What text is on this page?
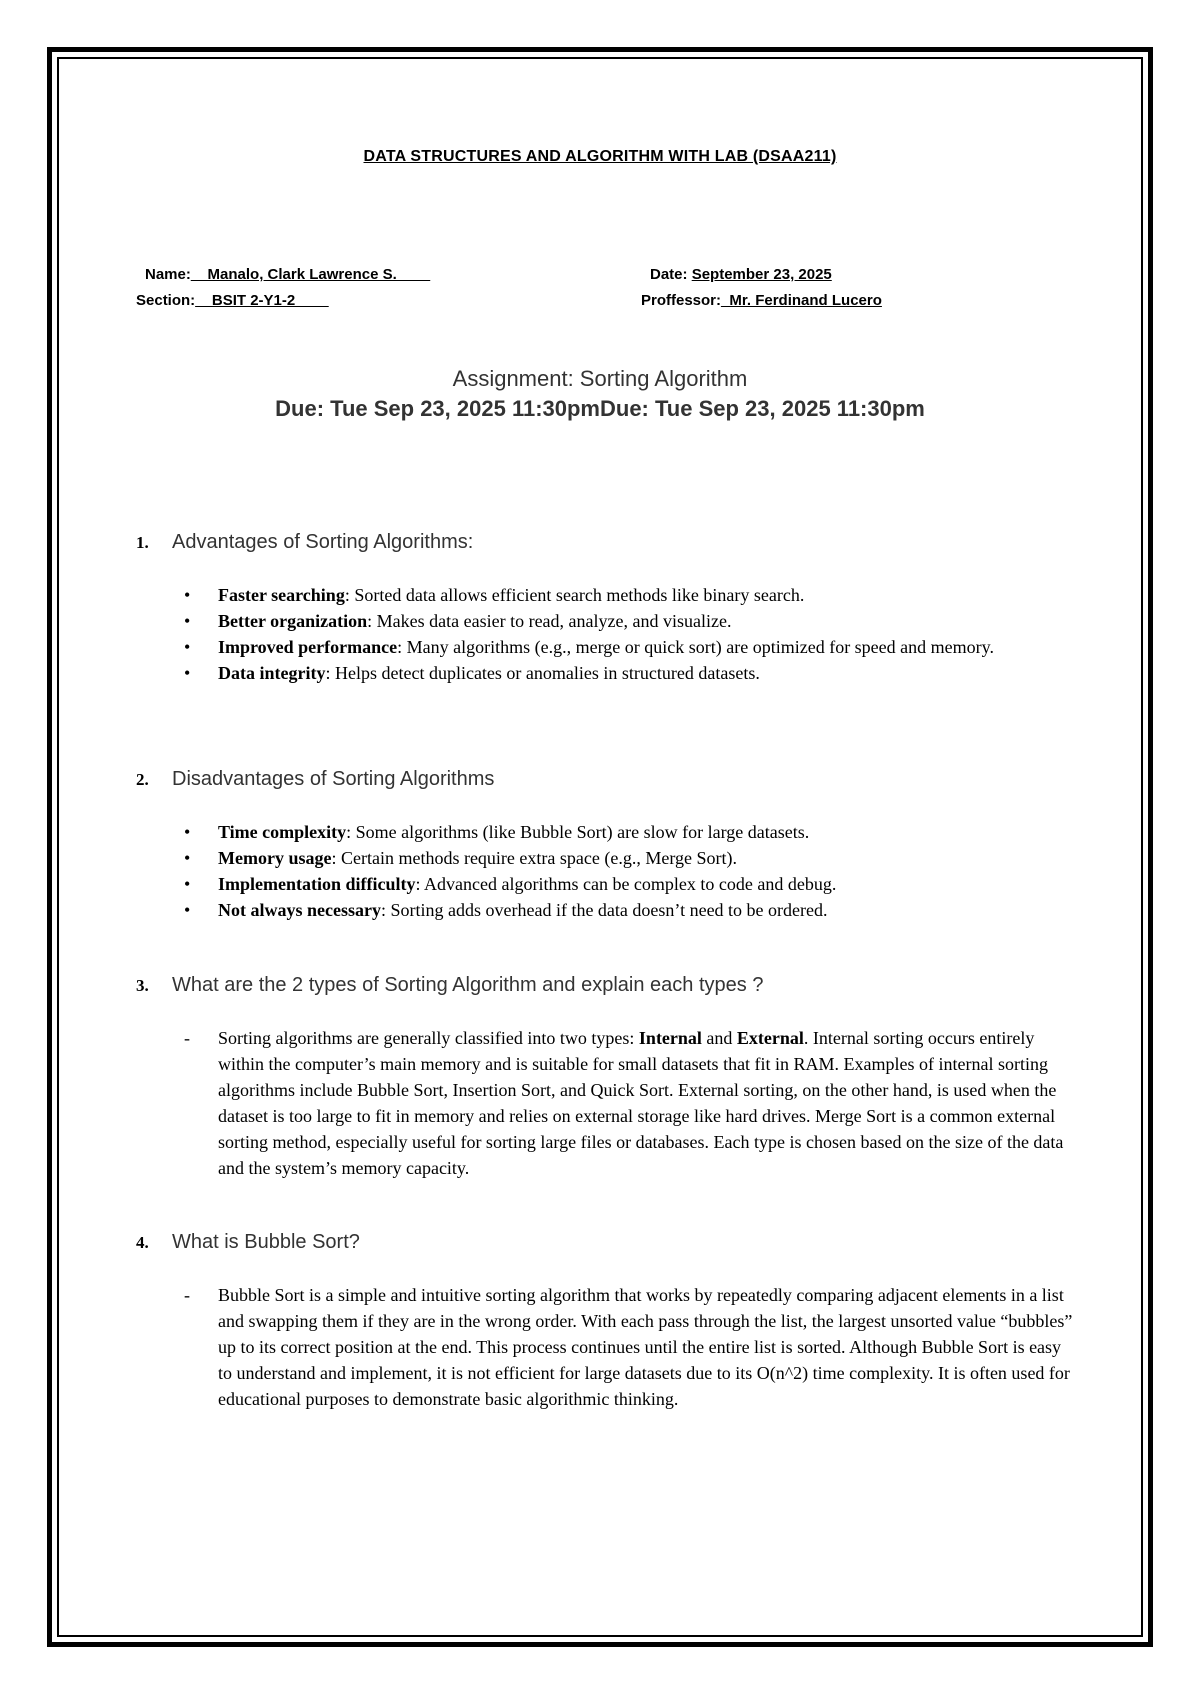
DATA STRUCTURES AND ALGORITHM WITH LAB (DSAA211)
Name:__Manalo, Clark Lawrence S.____
Section:__BSIT 2-Y1-2____
Date: September 23, 2025
Proffessor:_Mr. Ferdinand Lucero
Assignment: Sorting Algorithm
Due: Tue Sep 23, 2025 11:30pmDue: Tue Sep 23, 2025 11:30pm
1. Advantages of Sorting Algorithms:
• Faster searching: Sorted data allows efficient search methods like binary search.
• Better organization: Makes data easier to read, analyze, and visualize.
• Improved performance: Many algorithms (e.g., merge or quick sort) are optimized for speed and memory.
• Data integrity: Helps detect duplicates or anomalies in structured datasets.
2. Disadvantages of Sorting Algorithms
• Time complexity: Some algorithms (like Bubble Sort) are slow for large datasets.
• Memory usage: Certain methods require extra space (e.g., Merge Sort).
• Implementation difficulty: Advanced algorithms can be complex to code and debug.
• Not always necessary: Sorting adds overhead if the data doesn’t need to be ordered.
3. What are the 2 types of Sorting Algorithm and explain each types ?
- Sorting algorithms are generally classified into two types: Internal and External. Internal sorting occurs entirely within the computer’s main memory and is suitable for small datasets that fit in RAM. Examples of internal sorting algorithms include Bubble Sort, Insertion Sort, and Quick Sort. External sorting, on the other hand, is used when the dataset is too large to fit in memory and relies on external storage like hard drives. Merge Sort is a common external sorting method, especially useful for sorting large files or databases. Each type is chosen based on the size of the data and the system’s memory capacity.
4. What is Bubble Sort?
- Bubble Sort is a simple and intuitive sorting algorithm that works by repeatedly comparing adjacent elements in a list and swapping them if they are in the wrong order. With each pass through the list, the largest unsorted value “bubbles” up to its correct position at the end. This process continues until the entire list is sorted. Although Bubble Sort is easy to understand and implement, it is not efficient for large datasets due to its O(n^2) time complexity. It is often used for educational purposes to demonstrate basic algorithmic thinking.
